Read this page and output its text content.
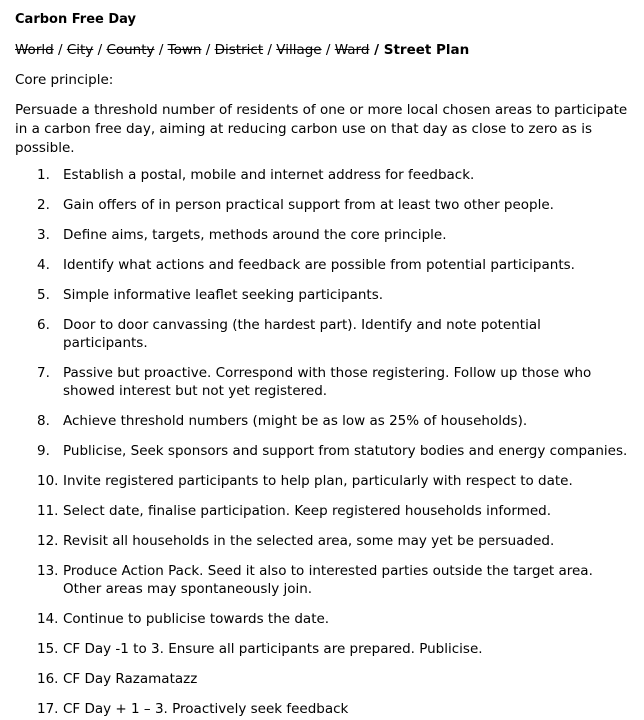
Carbon Free Day
World / City / County / Town / District / Village / Ward / Street Plan
Core principle:
Persuade a threshold number of residents of one or more local chosen areas to participate in a carbon free day, aiming at reducing carbon use on that day as close to zero as is possible.
1. Establish a postal, mobile and internet address for feedback.
2. Gain offers of in person practical support from at least two other people.
3. Define aims, targets, methods around the core principle.
4. Identify what actions and feedback are possible from potential participants.
5. Simple informative leaflet seeking participants.
6. Door to door canvassing (the hardest part). Identify and note potential participants.
7. Passive but proactive. Correspond with those registering. Follow up those who showed interest but not yet registered.
8. Achieve threshold numbers (might be as low as 25% of households).
9. Publicise, Seek sponsors and support from statutory bodies and energy companies.
10. Invite registered participants to help plan, particularly with respect to date.
11. Select date, finalise participation. Keep registered households informed.
12. Revisit all households in the selected area, some may yet be persuaded.
13. Produce Action Pack. Seed it also to interested parties outside the target area. Other areas may spontaneously join.
14. Continue to publicise towards the date.
15. CF Day -1 to 3. Ensure all participants are prepared. Publicise.
16. CF Day Razamatazz
17. CF Day + 1 – 3. Proactively seek feedback
